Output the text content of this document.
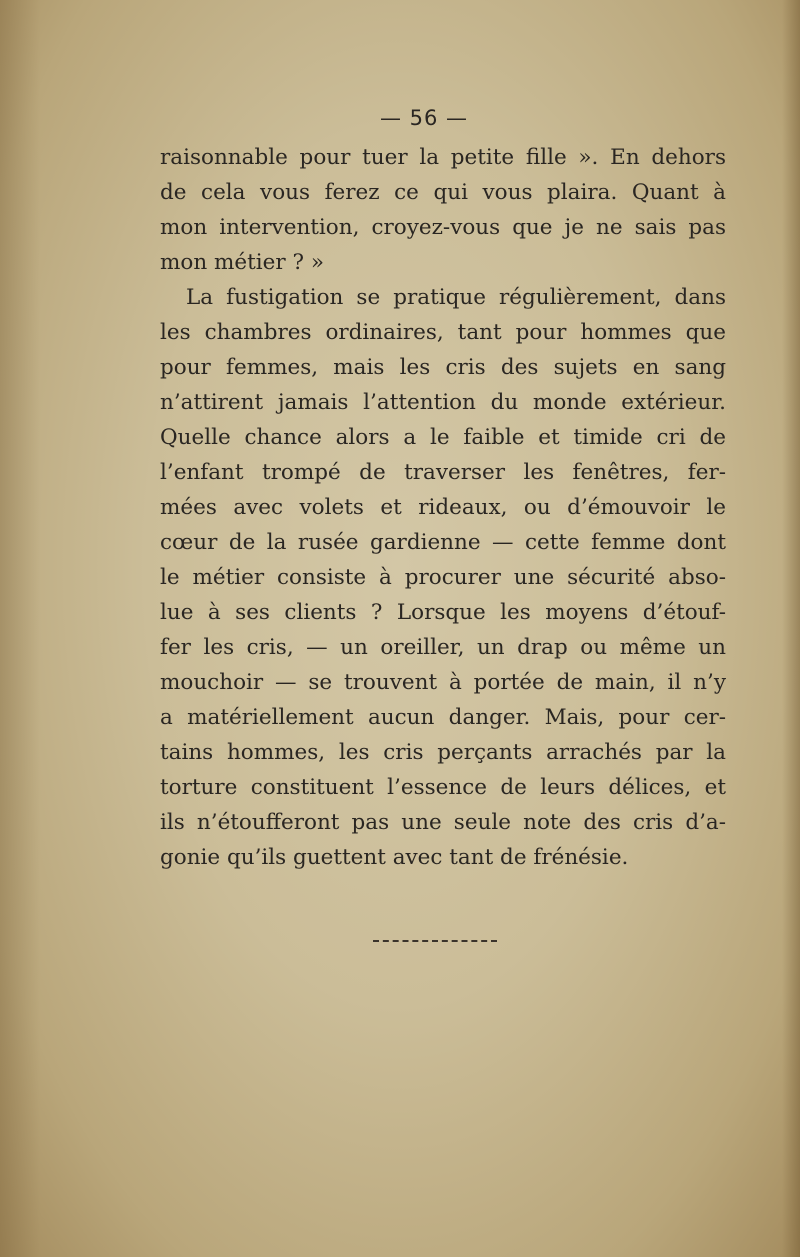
— 56 —
raisonnable pour tuer la petite fille ». En dehors
de cela vous ferez ce qui vous plaira. Quant à
mon intervention, croyez-vous que je ne sais pas
mon métier ? »
La fustigation se pratique régulièrement, dans
les chambres ordinaires, tant pour hommes que
pour femmes, mais les cris des sujets en sang
n’attirent jamais l’attention du monde extérieur.
Quelle chance alors a le faible et timide cri de
l’enfant trompé de traverser les fenêtres, fer-
mées avec volets et rideaux, ou d’émouvoir le
cœur de la rusée gardienne — cette femme dont
le métier consiste à procurer une sécurité abso-
lue à ses clients ? Lorsque les moyens d’étouf-
fer les cris, — un oreiller, un drap ou même un
mouchoir — se trouvent à portée de main, il n’y
a matériellement aucun danger. Mais, pour cer-
tains hommes, les cris perçants arrachés par la
torture constituent l’essence de leurs délices, et
ils n’étoufferont pas une seule note des cris d’a-
gonie qu’ils guettent avec tant de frénésie.
